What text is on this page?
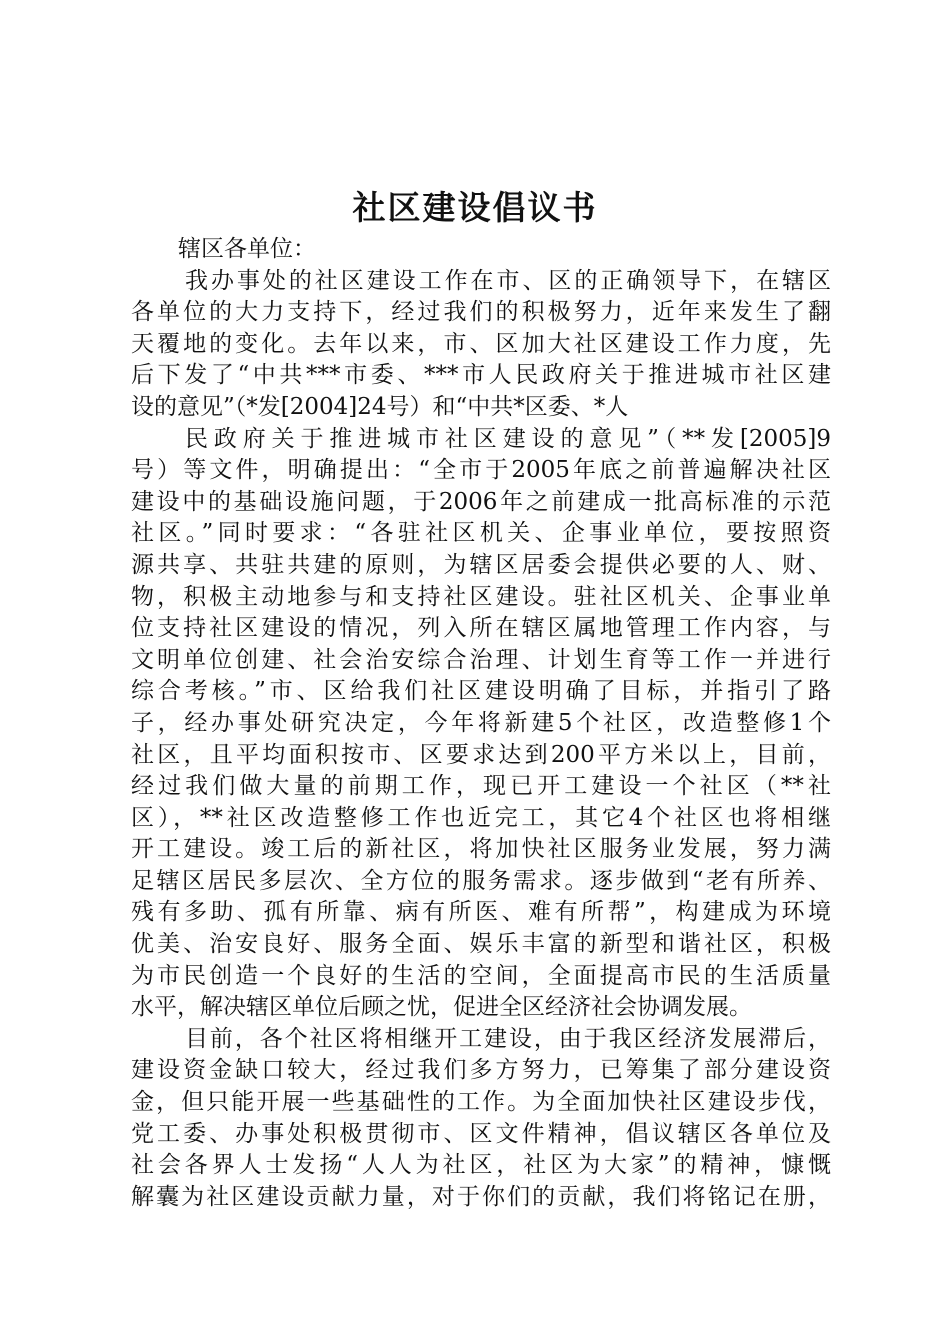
社区建设倡议书
辖区各单位：
我办事处的社区建设工作在市、区的正确领导下，在辖区
各单位的大力支持下，经过我们的积极努力，近年来发生了翻
天覆地的变化。去年以来，市、区加大社区建设工作力度，先
后下发了“中共***市委、***市人民政府关于推进城市社区建
设的意见”（*发[2004]24号）和“中共*区委、*人
民政府关于推进城市社区建设的意见”（**发[2005]9
号）等文件，明确提出：“全市于2005年底之前普遍解决社区
建设中的基础设施问题，于2006年之前建成一批高标准的示范
社区。”同时要求：“各驻社区机关、企事业单位，要按照资
源共享、共驻共建的原则，为辖区居委会提供必要的人、财、
物，积极主动地参与和支持社区建设。驻社区机关、企事业单
位支持社区建设的情况，列入所在辖区属地管理工作内容，与
文明单位创建、社会治安综合治理、计划生育等工作一并进行
综合考核。”市、区给我们社区建设明确了目标，并指引了路
子，经办事处研究决定，今年将新建5个社区，改造整修1个
社区，且平均面积按市、区要求达到200平方米以上，目前，
经过我们做大量的前期工作，现已开工建设一个社区（**社
区），**社区改造整修工作也近完工，其它4个社区也将相继
开工建设。竣工后的新社区，将加快社区服务业发展，努力满
足辖区居民多层次、全方位的服务需求。逐步做到“老有所养、
残有多助、孤有所靠、病有所医、难有所帮”，构建成为环境
优美、治安良好、服务全面、娱乐丰富的新型和谐社区，积极
为市民创造一个良好的生活的空间，全面提高市民的生活质量
水平，解决辖区单位后顾之忧，促进全区经济社会协调发展。
目前，各个社区将相继开工建设，由于我区经济发展滞后，
建设资金缺口较大，经过我们多方努力，已筹集了部分建设资
金，但只能开展一些基础性的工作。为全面加快社区建设步伐，
党工委、办事处积极贯彻市、区文件精神，倡议辖区各单位及
社会各界人士发扬“人人为社区，社区为大家”的精神，慷慨
解囊为社区建设贡献力量，对于你们的贡献，我们将铭记在册，
